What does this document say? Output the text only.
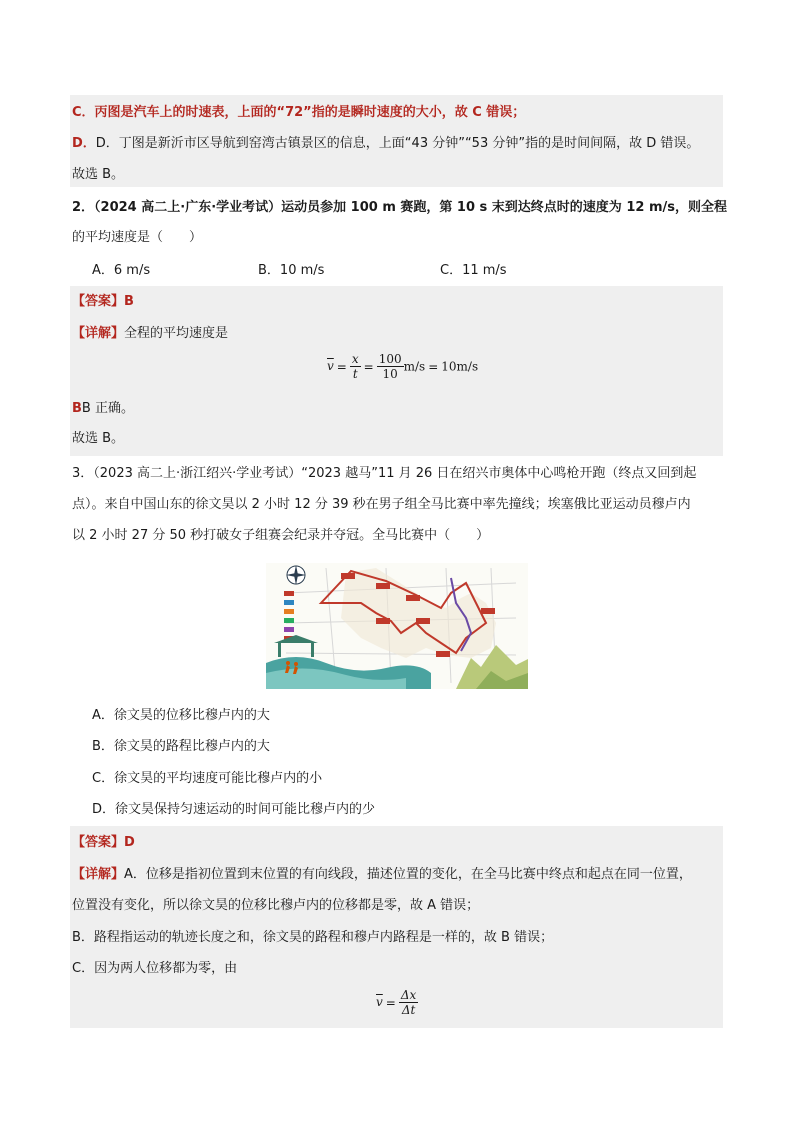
C．丙图是汽车上的时速表，上面的“72”指的是瞬时速度的大小，故 C 错误；
D．D．丁图是新沂市区导航到窑湾古镇景区的信息，上面“43 分钟”“53 分钟”指的是时间间隔，故 D 错误。
故选 B。
2．（2024 高二上·广东·学业考试）运动员参加 100 m 赛跑，第 10 s 末到达终点时的速度为 12 m/s，则全程
的平均速度是（　　）
A．6 m/s	B．10 m/s	C．11 m/s
【答案】B
【详解】全程的平均速度是
$\overline{v} = \frac{x}{t} = \frac{100}{10} m/s = 10m/s$
BB 正确。
故选 B。
3．（2023 高二上·浙江绍兴·学业考试）“2023 越马”11 月 26 日在绍兴市奥体中心鸣枪开跑（终点又回到起
点）。来自中国山东的徐文昊以 2 小时 12 分 39 秒在男子组全马比赛中率先撞线；埃塞俄比亚运动员穆卢内
以 2 小时 27 分 50 秒打破女子组赛会纪录并夺冠。全马比赛中（　　）
A．徐文昊的位移比穆卢内的大
B．徐文昊的路程比穆卢内的大
C．徐文昊的平均速度可能比穆卢内的小
D．徐文昊保持匀速运动的时间可能比穆卢内的少
【答案】D
【详解】A．位移是指初位置到末位置的有向线段，描述位置的变化，在全马比赛中终点和起点在同一位置，
位置没有变化，所以徐文昊的位移比穆卢内的位移都是零，故 A 错误；
B．路程指运动的轨迹长度之和，徐文昊的路程和穆卢内路程是一样的，故 B 错误；
C．因为两人位移都为零，由
$\overline{v} = \frac{\Delta x}{\Delta t}$
